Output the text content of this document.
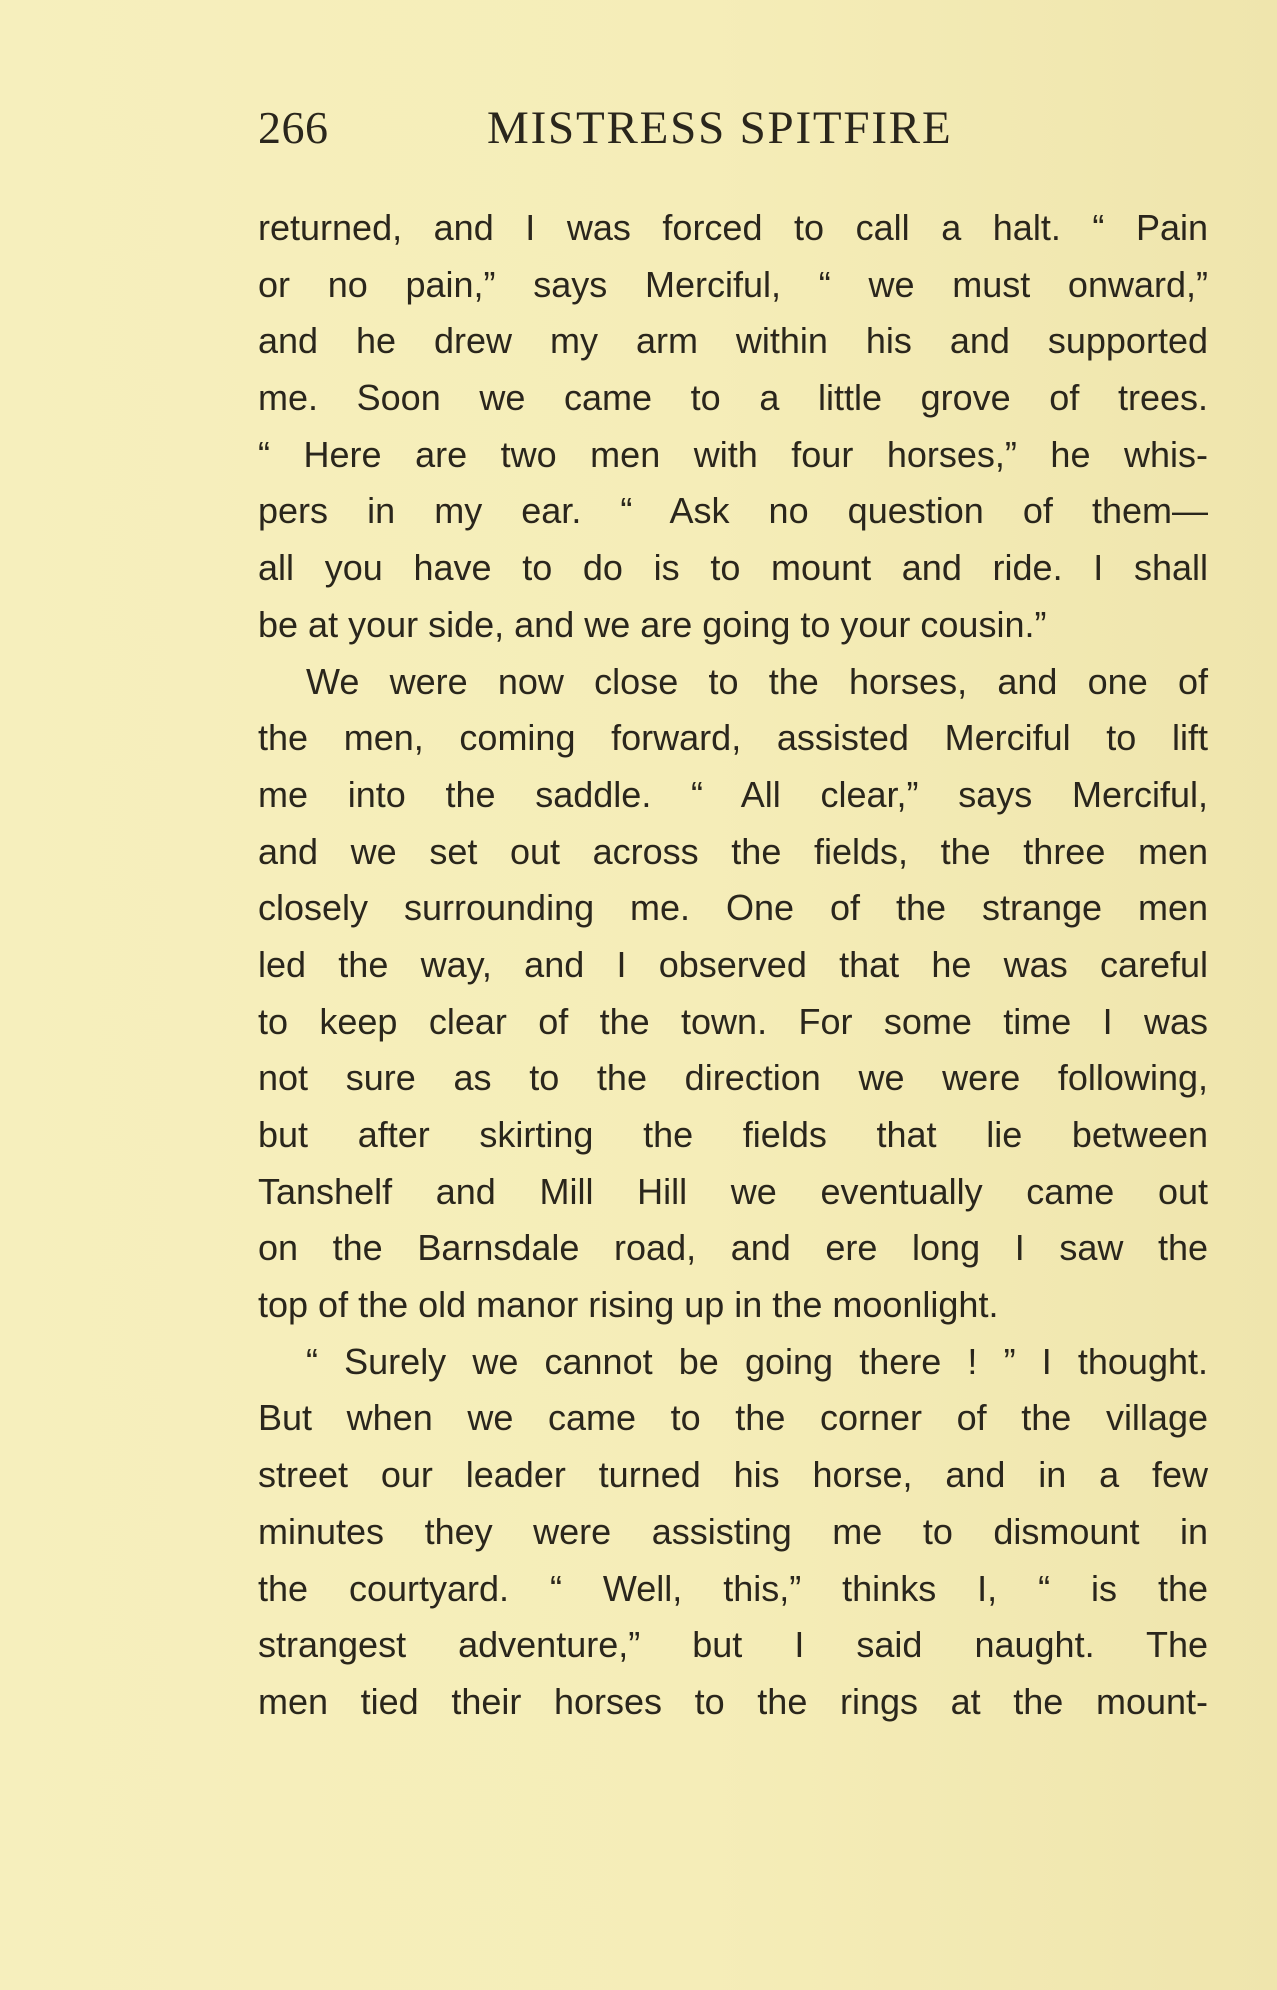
266	MISTRESS SPITFIRE
returned, and I was forced to call a halt. “ Pain
or no pain,” says Merciful, “ we must onward,”
and he drew my arm within his and supported
me. Soon we came to a little grove of trees.
“ Here are two men with four horses,” he whis-
pers in my ear. “ Ask no question of them—
all you have to do is to mount and ride. I shall
be at your side, and we are going to your cousin.”
We were now close to the horses, and one of
the men, coming forward, assisted Merciful to lift
me into the saddle. “ All clear,” says Merciful,
and we set out across the fields, the three men
closely surrounding me. One of the strange men
led the way, and I observed that he was careful
to keep clear of the town. For some time I was
not sure as to the direction we were following,
but after skirting the fields that lie between
Tanshelf and Mill Hill we eventually came out
on the Barnsdale road, and ere long I saw the
top of the old manor rising up in the moonlight.
“ Surely we cannot be going there ! ” I thought.
But when we came to the corner of the village
street our leader turned his horse, and in a few
minutes they were assisting me to dismount in
the courtyard. “ Well, this,” thinks I, “ is the
strangest adventure,” but I said naught. The
men tied their horses to the rings at the mount-
